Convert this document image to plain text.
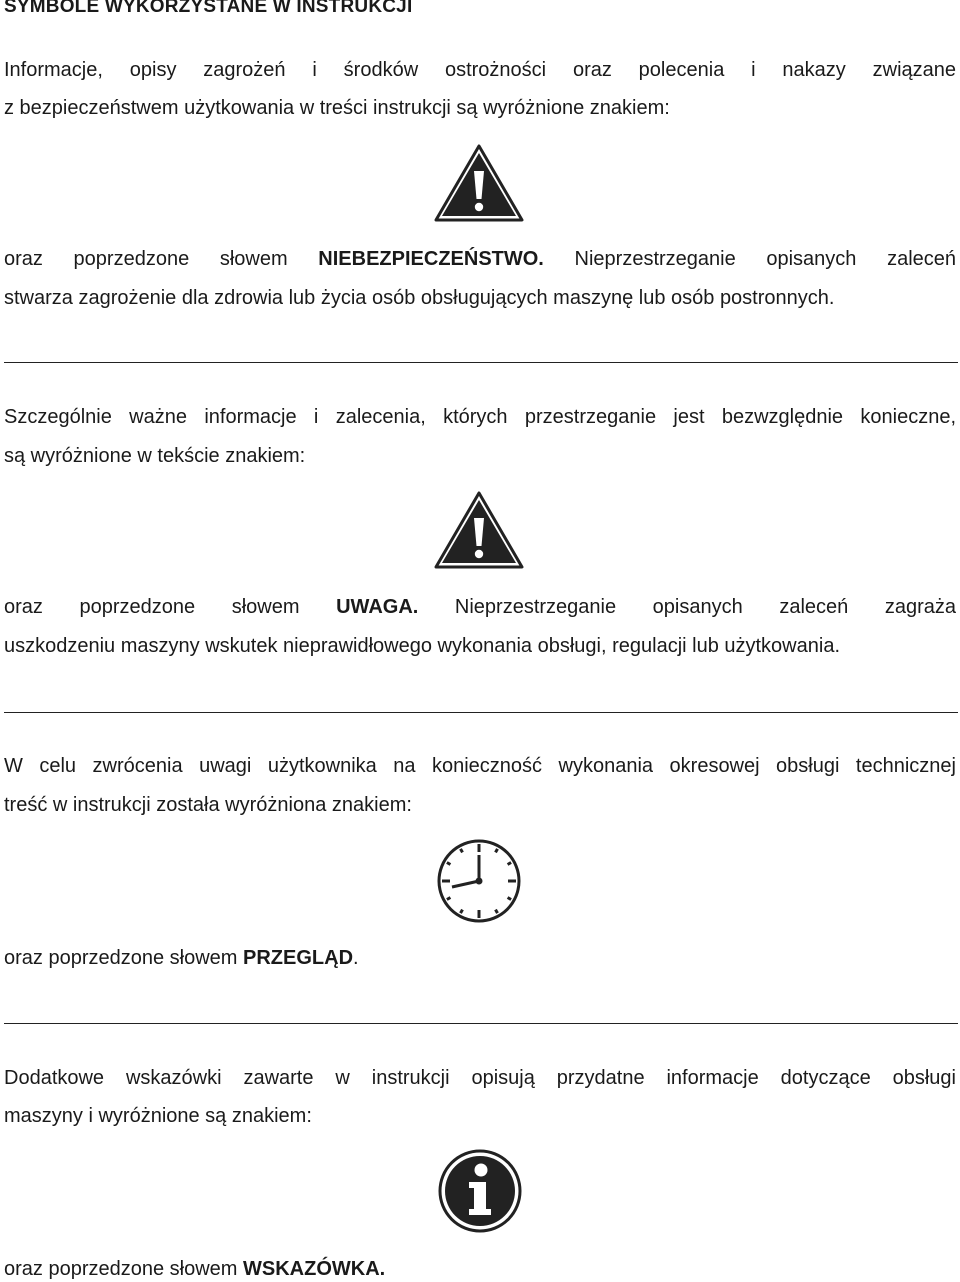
SYMBOLE WYKORZYSTANE W INSTRUKCJI
Informacje, opisy zagrożeń i środków ostrożności oraz polecenia i nakazy związane
z bezpieczeństwem użytkowania w treści instrukcji są wyróżnione znakiem:
oraz poprzedzone słowem NIEBEZPIECZEŃSTWO. Nieprzestrzeganie opisanych zaleceń
stwarza zagrożenie dla zdrowia lub życia osób obsługujących maszynę lub osób postronnych.
Szczególnie ważne informacje i zalecenia, których przestrzeganie jest bezwzględnie konieczne,
są wyróżnione w tekście znakiem:
oraz poprzedzone słowem UWAGA. Nieprzestrzeganie opisanych zaleceń zagraża
uszkodzeniu maszyny wskutek nieprawidłowego wykonania obsługi, regulacji lub użytkowania.
W celu zwrócenia uwagi użytkownika na konieczność wykonania okresowej obsługi technicznej
treść w instrukcji została wyróżniona znakiem:
oraz poprzedzone słowem PRZEGLĄD.
Dodatkowe wskazówki zawarte w instrukcji opisują przydatne informacje dotyczące obsługi
maszyny i wyróżnione są znakiem:
oraz poprzedzone słowem WSKAZÓWKA.
